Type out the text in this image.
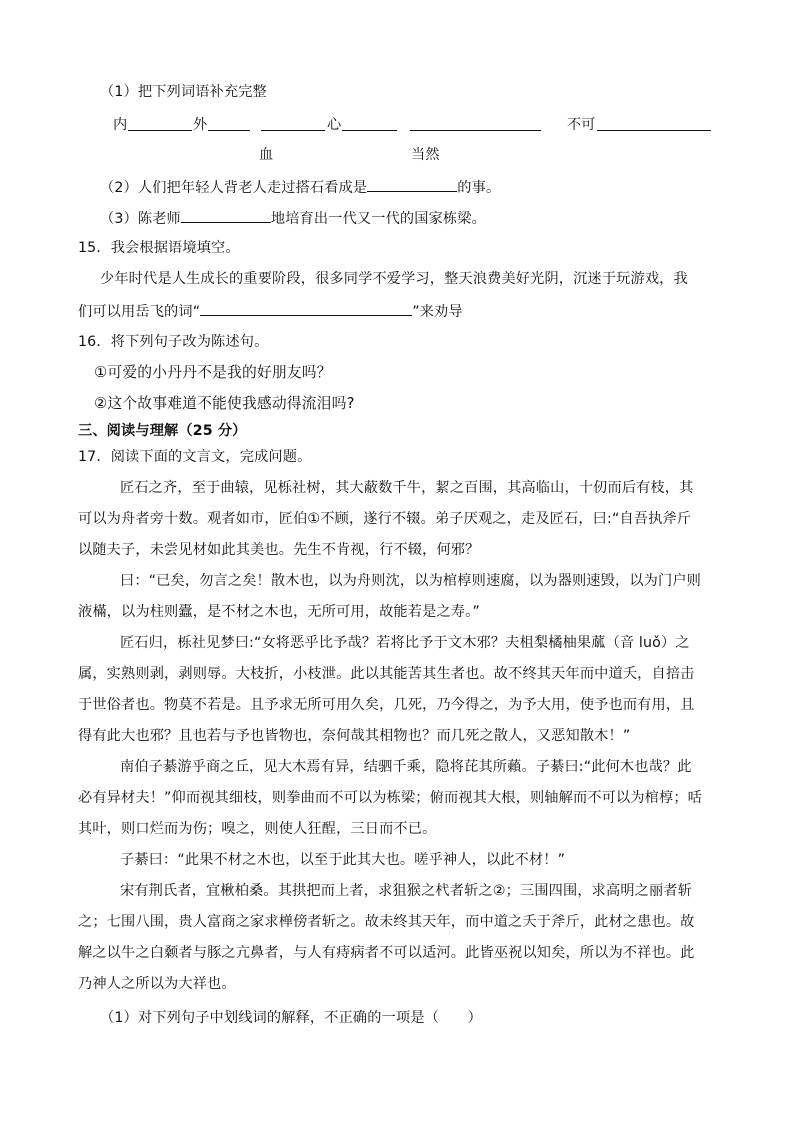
（1）把下列词语补充完整
内	外	心	不可
血	当然
（2）人们把年轻人背老人走过搭石看成是	的事。
（3）陈老师	地培育出一代又一代的国家栋梁。
15．我会根据语境填空。
少年时代是人生成长的重要阶段，很多同学不爱学习，整天浪费美好光阴，沉迷于玩游戏，我
们可以用岳飞的词“	”来劝导
16．将下列句子改为陈述句。
①可爱的小丹丹不是我的好朋友吗？
②这个故事难道不能使我感动得流泪吗?
三、阅读与理解（25 分）
17．阅读下面的文言文，完成问题。
匠石之齐，至于曲辕，见栎社树，其大蔽数千牛，絜之百围，其高临山，十仞而后有枝，其
可以为舟者旁十数。观者如市，匠伯①不顾，遂行不辍。弟子厌观之，走及匠石，曰:“自吾执斧斤
以随夫子，未尝见材如此其美也。先生不肯视，行不辍，何邪？
曰：“已矣，勿言之矣！散木也，以为舟则沈，以为棺椁则速腐，以为器则速毁，以为门户则
液樠，以为柱则蠹，是不材之木也，无所可用，故能若是之寿。”
匠石归，栎社见梦曰:“女将恶乎比予哉？若将比予于文木邪？夫柤梨橘柚果蓏（音 luǒ）之
属，实熟则剥，剥则辱。大枝折，小枝泄。此以其能苦其生者也。故不终其天年而中道夭，自掊击
于世俗者也。物莫不若是。且予求无所可用久矣，几死，乃今得之，为予大用，使予也而有用，且
得有此大也邪？且也若与予也皆物也，奈何哉其相物也？而几死之散人，又恶知散木！”
南伯子綦游乎商之丘，见大木焉有异，结驷千乘，隐将芘其所藾。子綦曰:“此何木也哉？此
必有异材夫！”仰而视其细枝，则拳曲而不可以为栋梁；俯而视其大根，则轴解而不可以为棺椁；咶
其叶，则口烂而为伤；嗅之，则使人狂酲，三日而不已。
子綦曰：“此果不材之木也，以至于此其大也。嗟乎神人，以此不材！”
宋有荆氏者，宜楸柏桑。其拱把而上者，求狙猴之杙者斩之②；三围四围，求高明之丽者斩
之；七围八围，贵人富商之家求椫傍者斩之。故未终其天年，而中道之夭于斧斤，此材之患也。故
解之以牛之白颡者与豚之亢鼻者，与人有痔病者不可以适河。此皆巫祝以知矣，所以为不祥也。此
乃神人之所以为大祥也。
（1）对下列句子中划线词的解释，不正确的一项是（　　）
